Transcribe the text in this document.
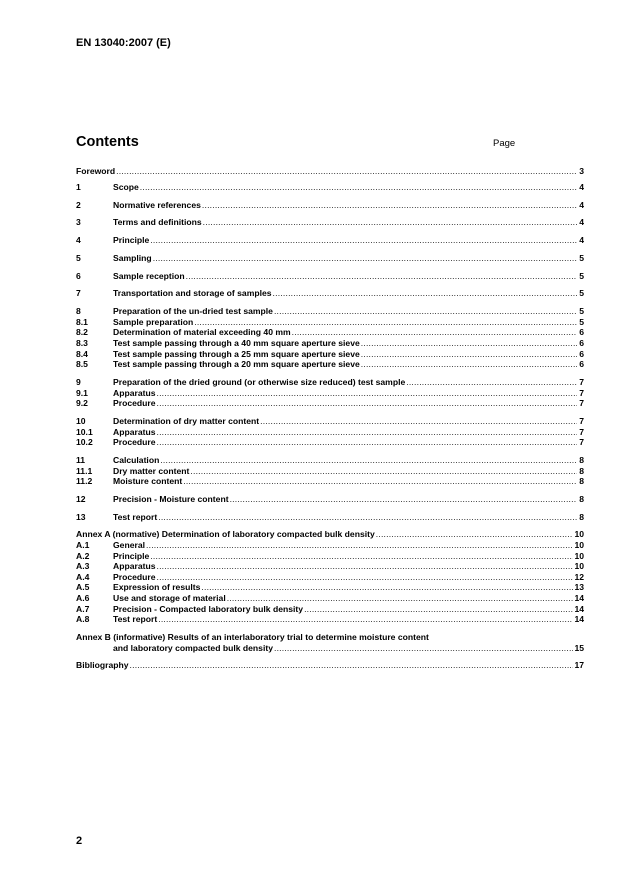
EN 13040:2007 (E)
Contents	Page
Foreword .....	3
1	Scope .....	4
2	Normative references .....	4
3	Terms and definitions .....	4
4	Principle .....	4
5	Sampling .....	5
6	Sample reception .....	5
7	Transportation and storage of samples .....	5
8	Preparation of the un-dried test sample .....	5
8.1	Sample preparation .....	5
8.2	Determination of material exceeding 40 mm .....	6
8.3	Test sample passing through a 40 mm square aperture sieve .....	6
8.4	Test sample passing through a 25 mm square aperture sieve .....	6
8.5	Test sample passing through a 20 mm square aperture sieve .....	6
9	Preparation of the dried ground (or otherwise size reduced) test sample .....	7
9.1	Apparatus .....	7
9.2	Procedure .....	7
10	Determination of dry matter content .....	7
10.1	Apparatus .....	7
10.2	Procedure .....	7
11	Calculation .....	8
11.1	Dry matter content .....	8
11.2	Moisture content .....	8
12	Precision - Moisture content .....	8
13	Test report .....	8
Annex A (normative) Determination of laboratory compacted bulk density .....	10
A.1	General .....	10
A.2	Principle .....	10
A.3	Apparatus .....	10
A.4	Procedure .....	12
A.5	Expression of results .....	13
A.6	Use and storage of material .....	14
A.7	Precision - Compacted laboratory bulk density .....	14
A.8	Test report .....	14
Annex B (informative) Results of an interlaboratory trial to determine moisture content
and laboratory compacted bulk density .....	15
Bibliography .....	17
2
